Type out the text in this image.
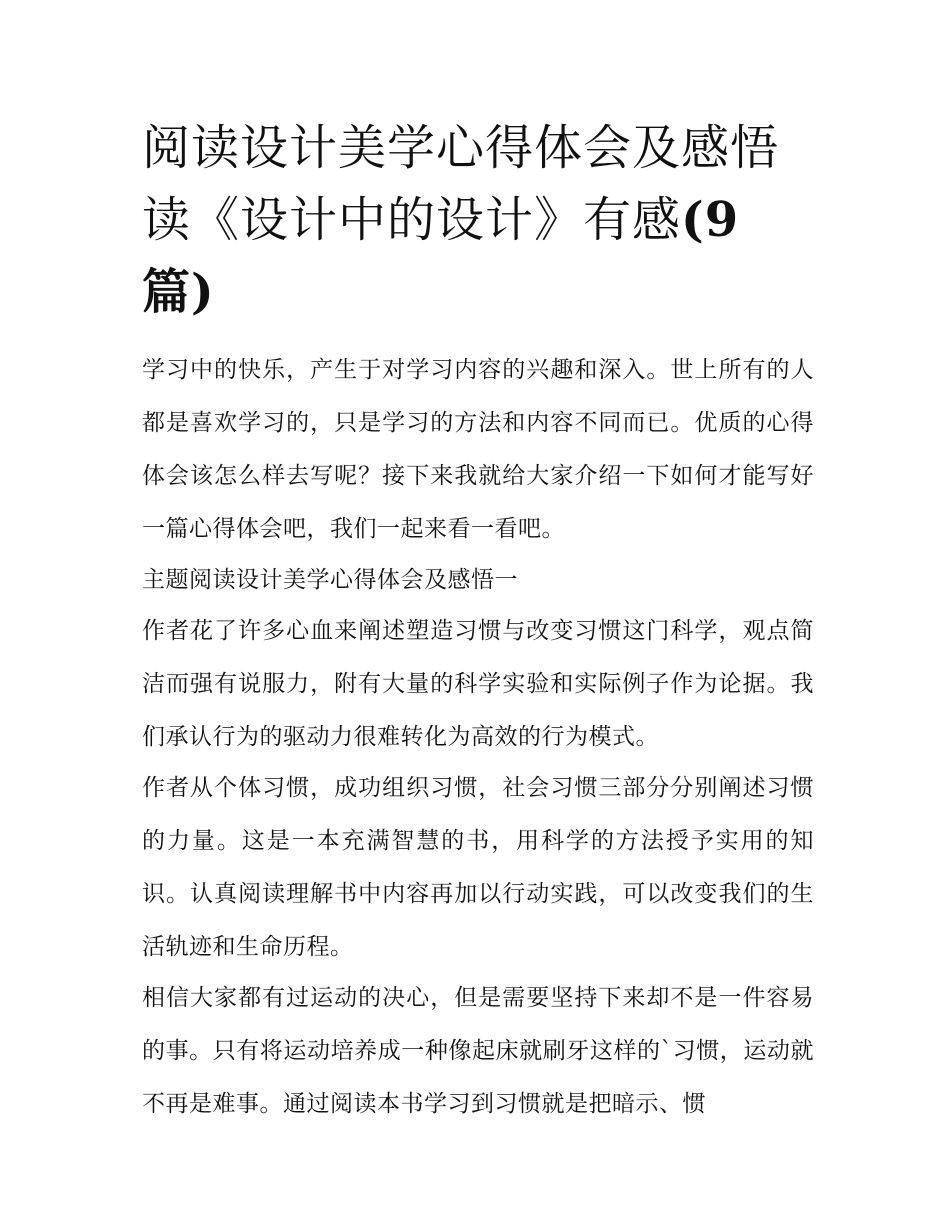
阅读设计美学心得体会及感悟读《设计中的设计》有感(9
篇)

学习中的快乐，产生于对学习内容的兴趣和深入。世上所有的人都是喜欢学习的，只是学习的方法和内容不同而已。优质的心得体会该怎么样去写呢？接下来我就给大家介绍一下如何才能写好一篇心得体会吧，我们一起来看一看吧。

主题阅读设计美学心得体会及感悟一

作者花了许多心血来阐述塑造习惯与改变习惯这门科学，观点简洁而强有说服力，附有大量的科学实验和实际例子作为论据。我们承认行为的驱动力很难转化为高效的行为模式。

作者从个体习惯，成功组织习惯，社会习惯三部分分别阐述习惯的力量。这是一本充满智慧的书，用科学的方法授予实用的知识。认真阅读理解书中内容再加以行动实践，可以改变我们的生活轨迹和生命历程。

相信大家都有过运动的决心，但是需要坚持下来却不是一件容易的事。只有将运动培养成一种像起床就刷牙这样的`习惯，运动就不再是难事。通过阅读本书学习到习惯就是把暗示、惯
